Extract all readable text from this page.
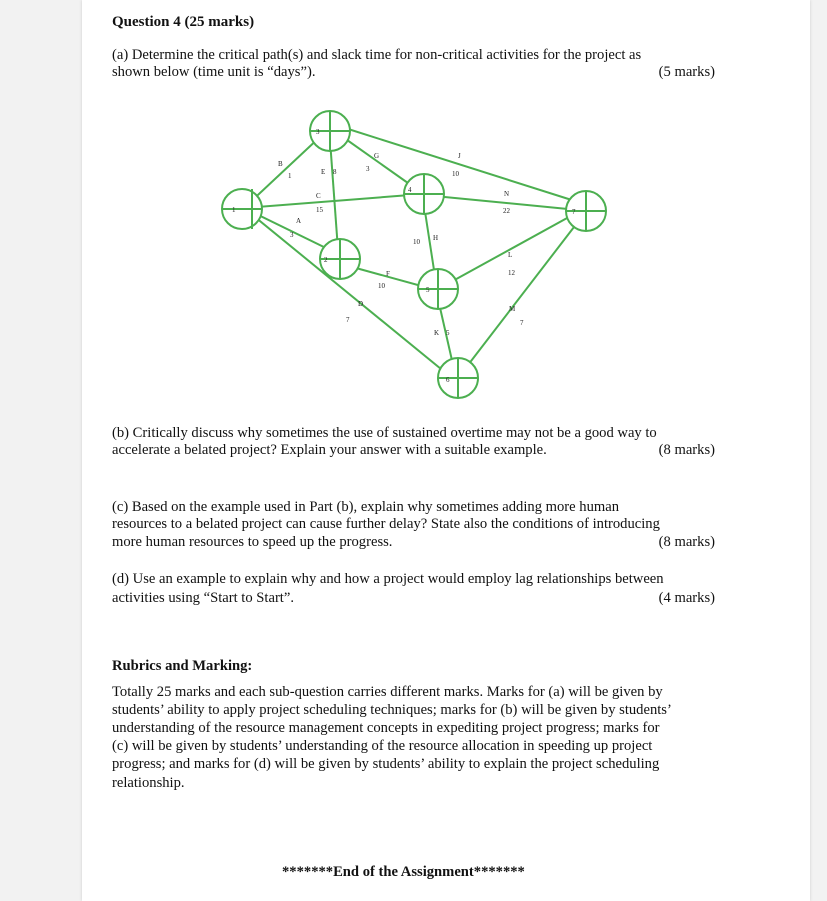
Question 4 (25 marks)
(a) Determine the critical path(s) and slack time for non-critical activities for the project as
shown below (time unit is “days”).	(5 marks)
1
3
4
2
5
6
7
B
1
A
3
C
15
E 8
G
3
J
10
D
7
F
10
H
10
K 5
N
22
L
12
M
7
(b) Critically discuss why sometimes the use of sustained overtime may not be a good way to
accelerate a belated project? Explain your answer with a suitable example.	(8 marks)
(c) Based on the example used in Part (b), explain why sometimes adding more human
resources to a belated project can cause further delay? State also the conditions of introducing
more human resources to speed up the progress.	(8 marks)
(d) Use an example to explain why and how a project would employ lag relationships between
activities using “Start to Start”.	(4 marks)
Rubrics and Marking:
Totally 25 marks and each sub-question carries different marks. Marks for (a) will be given by
students’ ability to apply project scheduling techniques; marks for (b) will be given by students’
understanding of the resource management concepts in expediting project progress; marks for
(c) will be given by students’ understanding of the resource allocation in speeding up project
progress; and marks for (d) will be given by students’ ability to explain the project scheduling
relationship.
*******End of the Assignment*******
